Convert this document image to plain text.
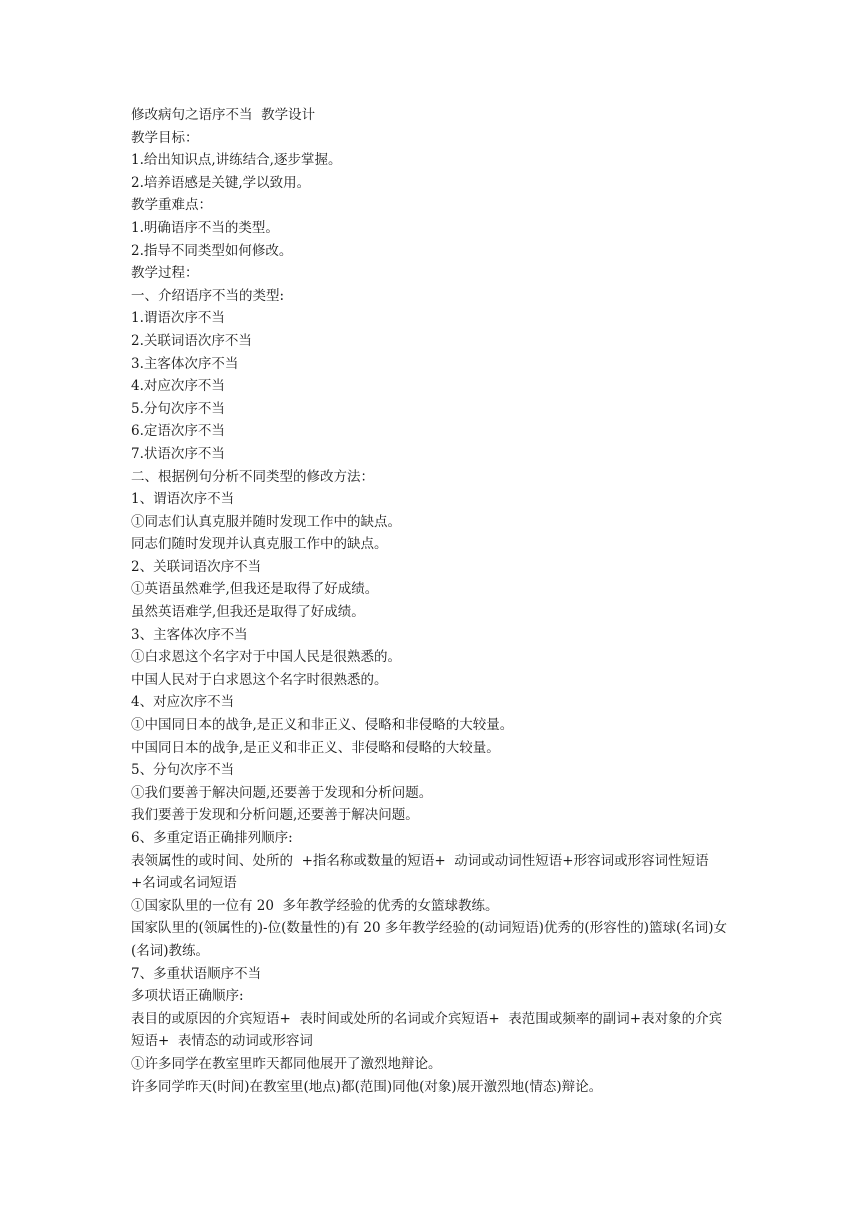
修改病句之语序不当  教学设计
教学目标：
1.给出知识点,讲练结合,逐步掌握。
2.培养语感是关键,学以致用。
教学重难点：
1.明确语序不当的类型。
2.指导不同类型如何修改。
教学过程：
一、介绍语序不当的类型:
1.谓语次序不当
2.关联词语次序不当
3.主客体次序不当
4.对应次序不当
5.分句次序不当
6.定语次序不当
7.状语次序不当
二、根据例句分析不同类型的修改方法：
1、谓语次序不当
①同志们认真克服并随时发现工作中的缺点。
同志们随时发现并认真克服工作中的缺点。
2、关联词语次序不当
①英语虽然难学,但我还是取得了好成绩。
虽然英语难学,但我还是取得了好成绩。
3、主客体次序不当
①白求恩这个名字对于中国人民是很熟悉的。
中国人民对于白求恩这个名字时很熟悉的。
4、对应次序不当
①中国同日本的战争,是正义和非正义、侵略和非侵略的大较量。
中国同日本的战争,是正义和非正义、非侵略和侵略的大较量。
5、分句次序不当
①我们要善于解决问题,还要善于发现和分析问题。
我们要善于发现和分析问题,还要善于解决问题。
6、多重定语正确排列顺序:
表领属性的或时间、处所的  +指名称或数量的短语+  动词或动词性短语+形容词或形容词性短语+名词或名词短语
①国家队里的一位有 20  多年教学经验的优秀的女篮球教练。
国家队里的(领属性的)-位(数量性的)有 20 多年教学经验的(动词短语)优秀的(形容性的)篮球(名词)女(名词)教练。
7、多重状语顺序不当
多项状语正确顺序:
表目的或原因的介宾短语+  表时间或处所的名词或介宾短语+  表范围或频率的副词+表对象的介宾短语+  表情态的动词或形容词
①许多同学在教室里昨天都同他展开了激烈地辩论。
许多同学昨天(时间)在教室里(地点)都(范围)同他(对象)展开激烈地(情态)辩论。
